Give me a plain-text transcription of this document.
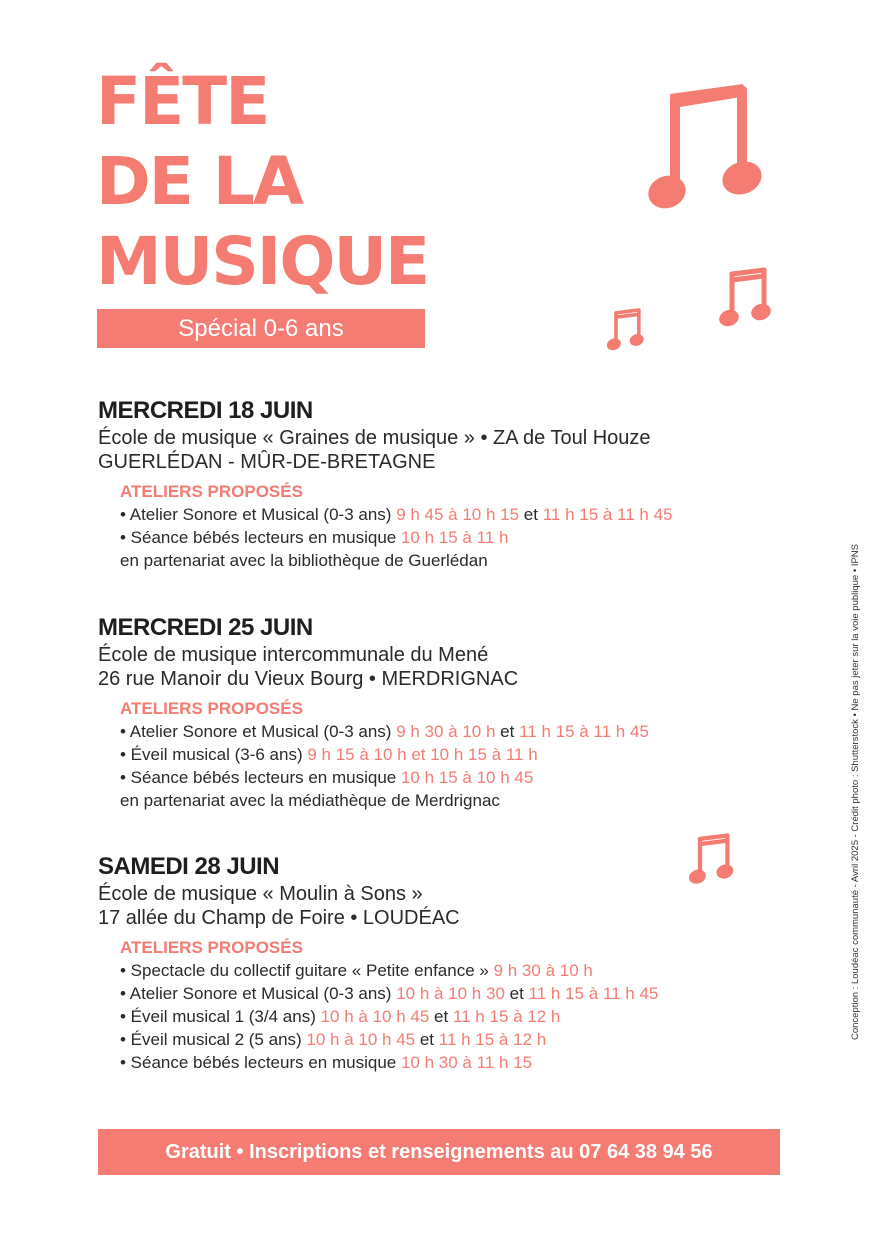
FÊTE
DE LA
MUSIQUE
Spécial 0-6 ans
MERCREDI 18 JUIN

École de musique « Graines de musique » • ZA de Toul Houze

GUERLÉDAN - MÛR-DE-BRETAGNE

ATELIERS PROPOSÉS

• Atelier Sonore et Musical (0-3 ans) 9 h 45 à 10 h 15 et 11 h 15 à 11 h 45

• Séance bébés lecteurs en musique 10 h 15 à 11 h

en partenariat avec la bibliothèque de Guerlédan

MERCREDI 25 JUIN

École de musique intercommunale du Mené

26 rue Manoir du Vieux Bourg • MERDRIGNAC

ATELIERS PROPOSÉS

• Atelier Sonore et Musical (0-3 ans) 9 h 30 à 10 h et 11 h 15 à 11 h 45

• Éveil musical (3-6 ans) 9 h 15 à 10 h et 10 h 15 à 11 h

• Séance bébés lecteurs en musique 10 h 15 à 10 h 45

en partenariat avec la médiathèque de Merdrignac

SAMEDI 28 JUIN

École de musique « Moulin à Sons »

17 allée du Champ de Foire • LOUDÉAC

ATELIERS PROPOSÉS

• Spectacle du collectif guitare « Petite enfance » 9 h 30 à 10 h

• Atelier Sonore et Musical (0-3 ans) 10 h à 10 h 30 et 11 h 15 à 11 h 45

• Éveil musical 1 (3/4 ans) 10 h à 10 h 45 et 11 h 15 à 12 h

• Éveil musical 2 (5 ans) 10 h à 10 h 45 et 11 h 15 à 12 h

• Séance bébés lecteurs en musique 10 h 30 à 11 h 15

Gratuit • Inscriptions et renseignements au 07 64 38 94 56
Conception : Loudéac communauté - Avril 2025 - Crédit photo : Shutterstock • Ne pas jeter sur la voie publique • IPNS
